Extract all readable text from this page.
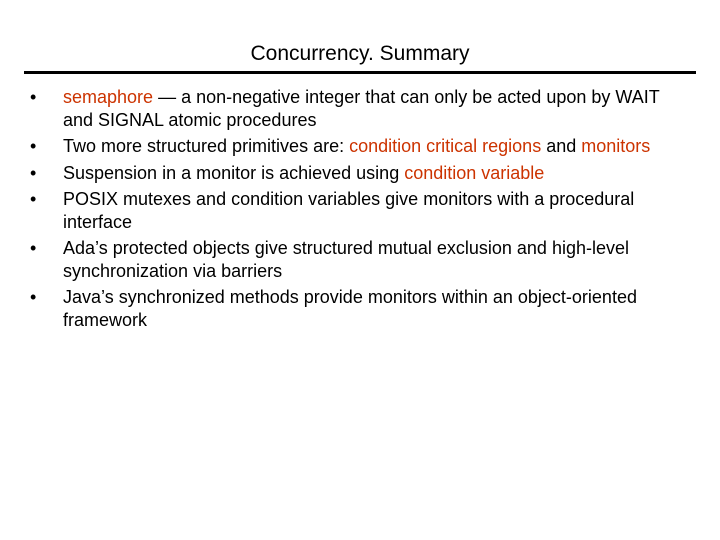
Concurrency. Summary
• semaphore — a non-negative integer that can only be acted upon by WAIT and SIGNAL atomic procedures
• Two more structured primitives are: condition critical regions and monitors
• Suspension in a monitor is achieved using condition variable
• POSIX mutexes and condition variables give monitors with a procedural interface
• Ada’s protected objects give structured mutual exclusion and high-level synchronization via barriers
• Java’s synchronized methods provide monitors within an object-oriented framework
